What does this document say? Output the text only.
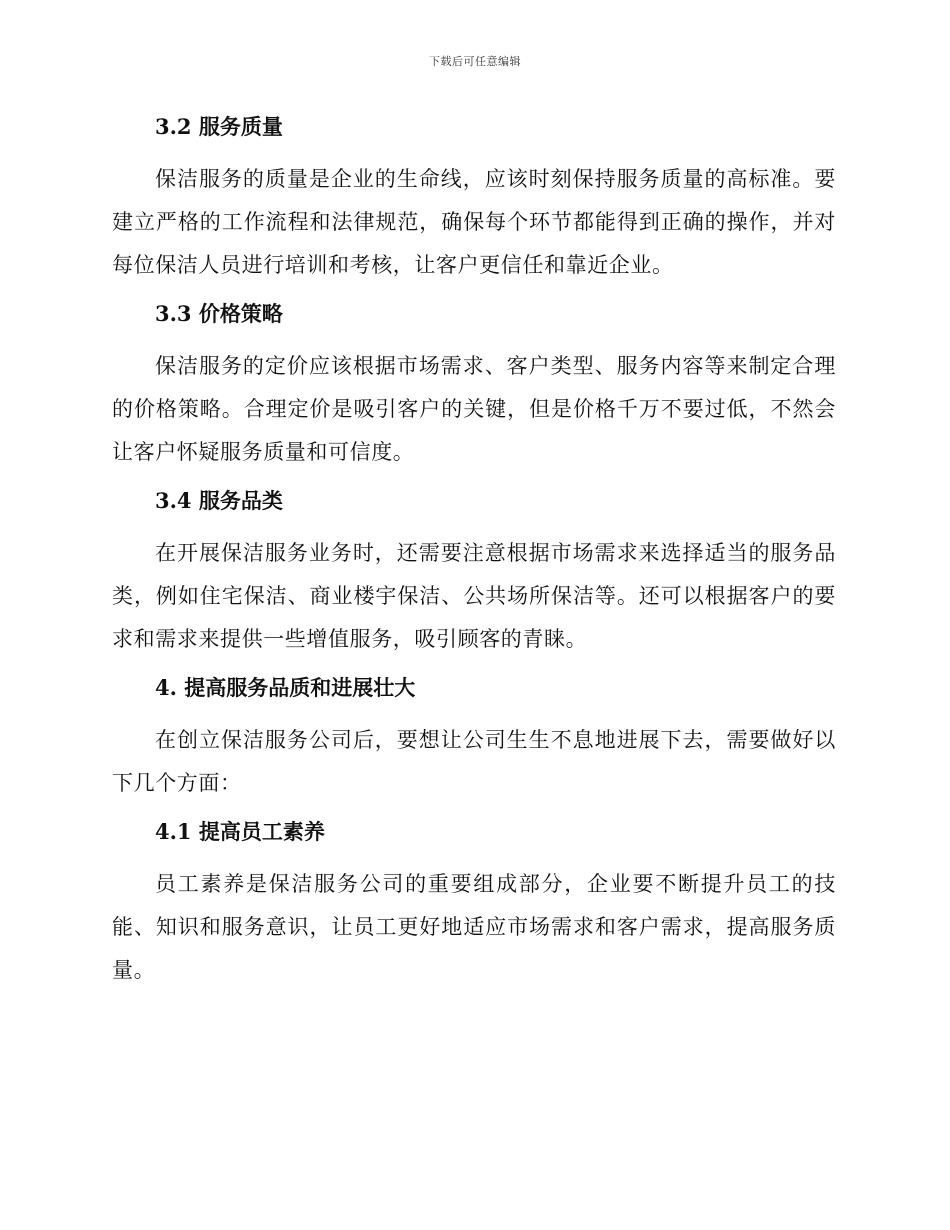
下载后可任意编辑
3.2 服务质量

保洁服务的质量是企业的生命线，应该时刻保持服务质量的高标准。要建立严格的工作流程和法律规范，确保每个环节都能得到正确的操作，并对每位保洁人员进行培训和考核，让客户更信任和靠近企业。

3.3 价格策略

保洁服务的定价应该根据市场需求、客户类型、服务内容等来制定合理的价格策略。合理定价是吸引客户的关键，但是价格千万不要过低，不然会让客户怀疑服务质量和可信度。

3.4 服务品类

在开展保洁服务业务时，还需要注意根据市场需求来选择适当的服务品类，例如住宅保洁、商业楼宇保洁、公共场所保洁等。还可以根据客户的要求和需求来提供一些增值服务，吸引顾客的青睐。

4. 提高服务品质和进展壮大

在创立保洁服务公司后，要想让公司生生不息地进展下去，需要做好以下几个方面：

4.1 提高员工素养

员工素养是保洁服务公司的重要组成部分，企业要不断提升员工的技能、知识和服务意识，让员工更好地适应市场需求和客户需求，提高服务质量。
